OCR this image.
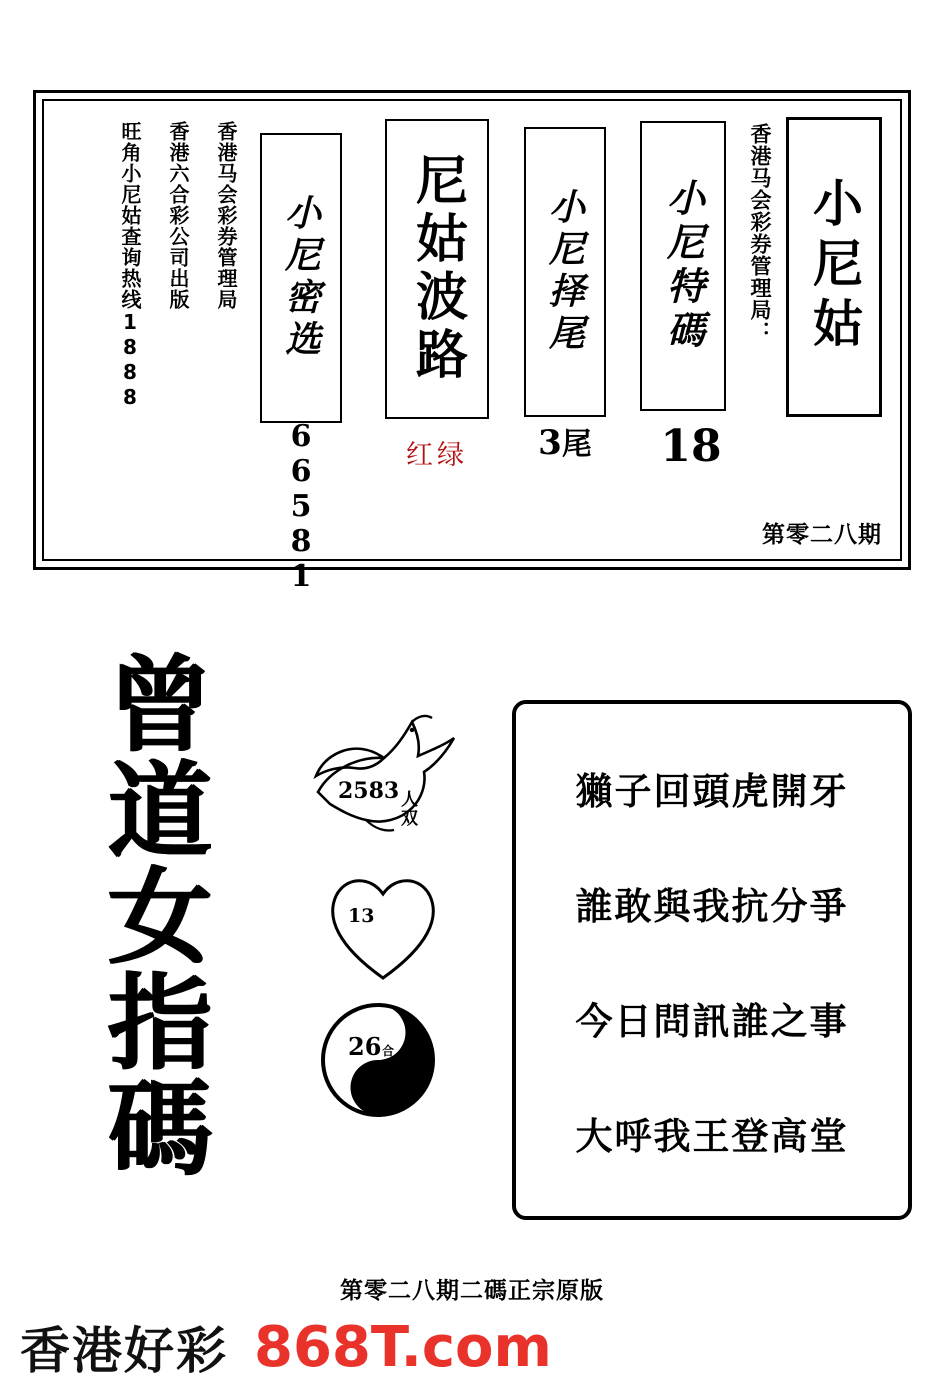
小尼姑
香港马会彩券管理局：
第零二八期
小尼特碼
18
小尼择尾
3尾
尼姑波路
红绿
小尼密选
66581
香港马会彩券管理局
香港六合彩公司出版
旺角小尼姑查询热线1888
曾道女指碼	2583
人双
13
26 合
獺子回頭虎開牙
誰敢與我抗分爭
今日問訊誰之事
大呼我王登高堂
第零二八期二碼正宗原版
香港好彩 868T.com
